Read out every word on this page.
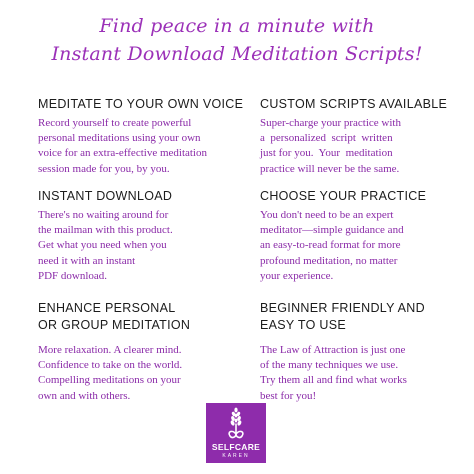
Find peace in a minute with
Instant Download Meditation Scripts!
MEDITATE TO YOUR OWN VOICE
Record yourself to create powerful
personal meditations using your own
voice for an extra-effective meditation
session made for you, by you.
CUSTOM SCRIPTS AVAILABLE
Super-charge your practice with
a  personalized  script  written
just for you.  Your  meditation
practice will never be the same.
INSTANT DOWNLOAD
There's no waiting around for
the mailman with this product.
Get what you need when you
need it with an instant
PDF download.
CHOOSE YOUR PRACTICE
You don't need to be an expert
meditator—simple guidance and
an easy-to-read format for more
profound meditation, no matter
your experience.
ENHANCE PERSONAL
OR GROUP MEDITATION
More relaxation. A clearer mind.
Confidence to take on the world.
Compelling meditations on your
own and with others.
BEGINNER FRIENDLY AND
EASY TO USE
The Law of Attraction is just one
of the many techniques we use.
Try them all and find what works
best for you!
SELFCARE
KAREN
